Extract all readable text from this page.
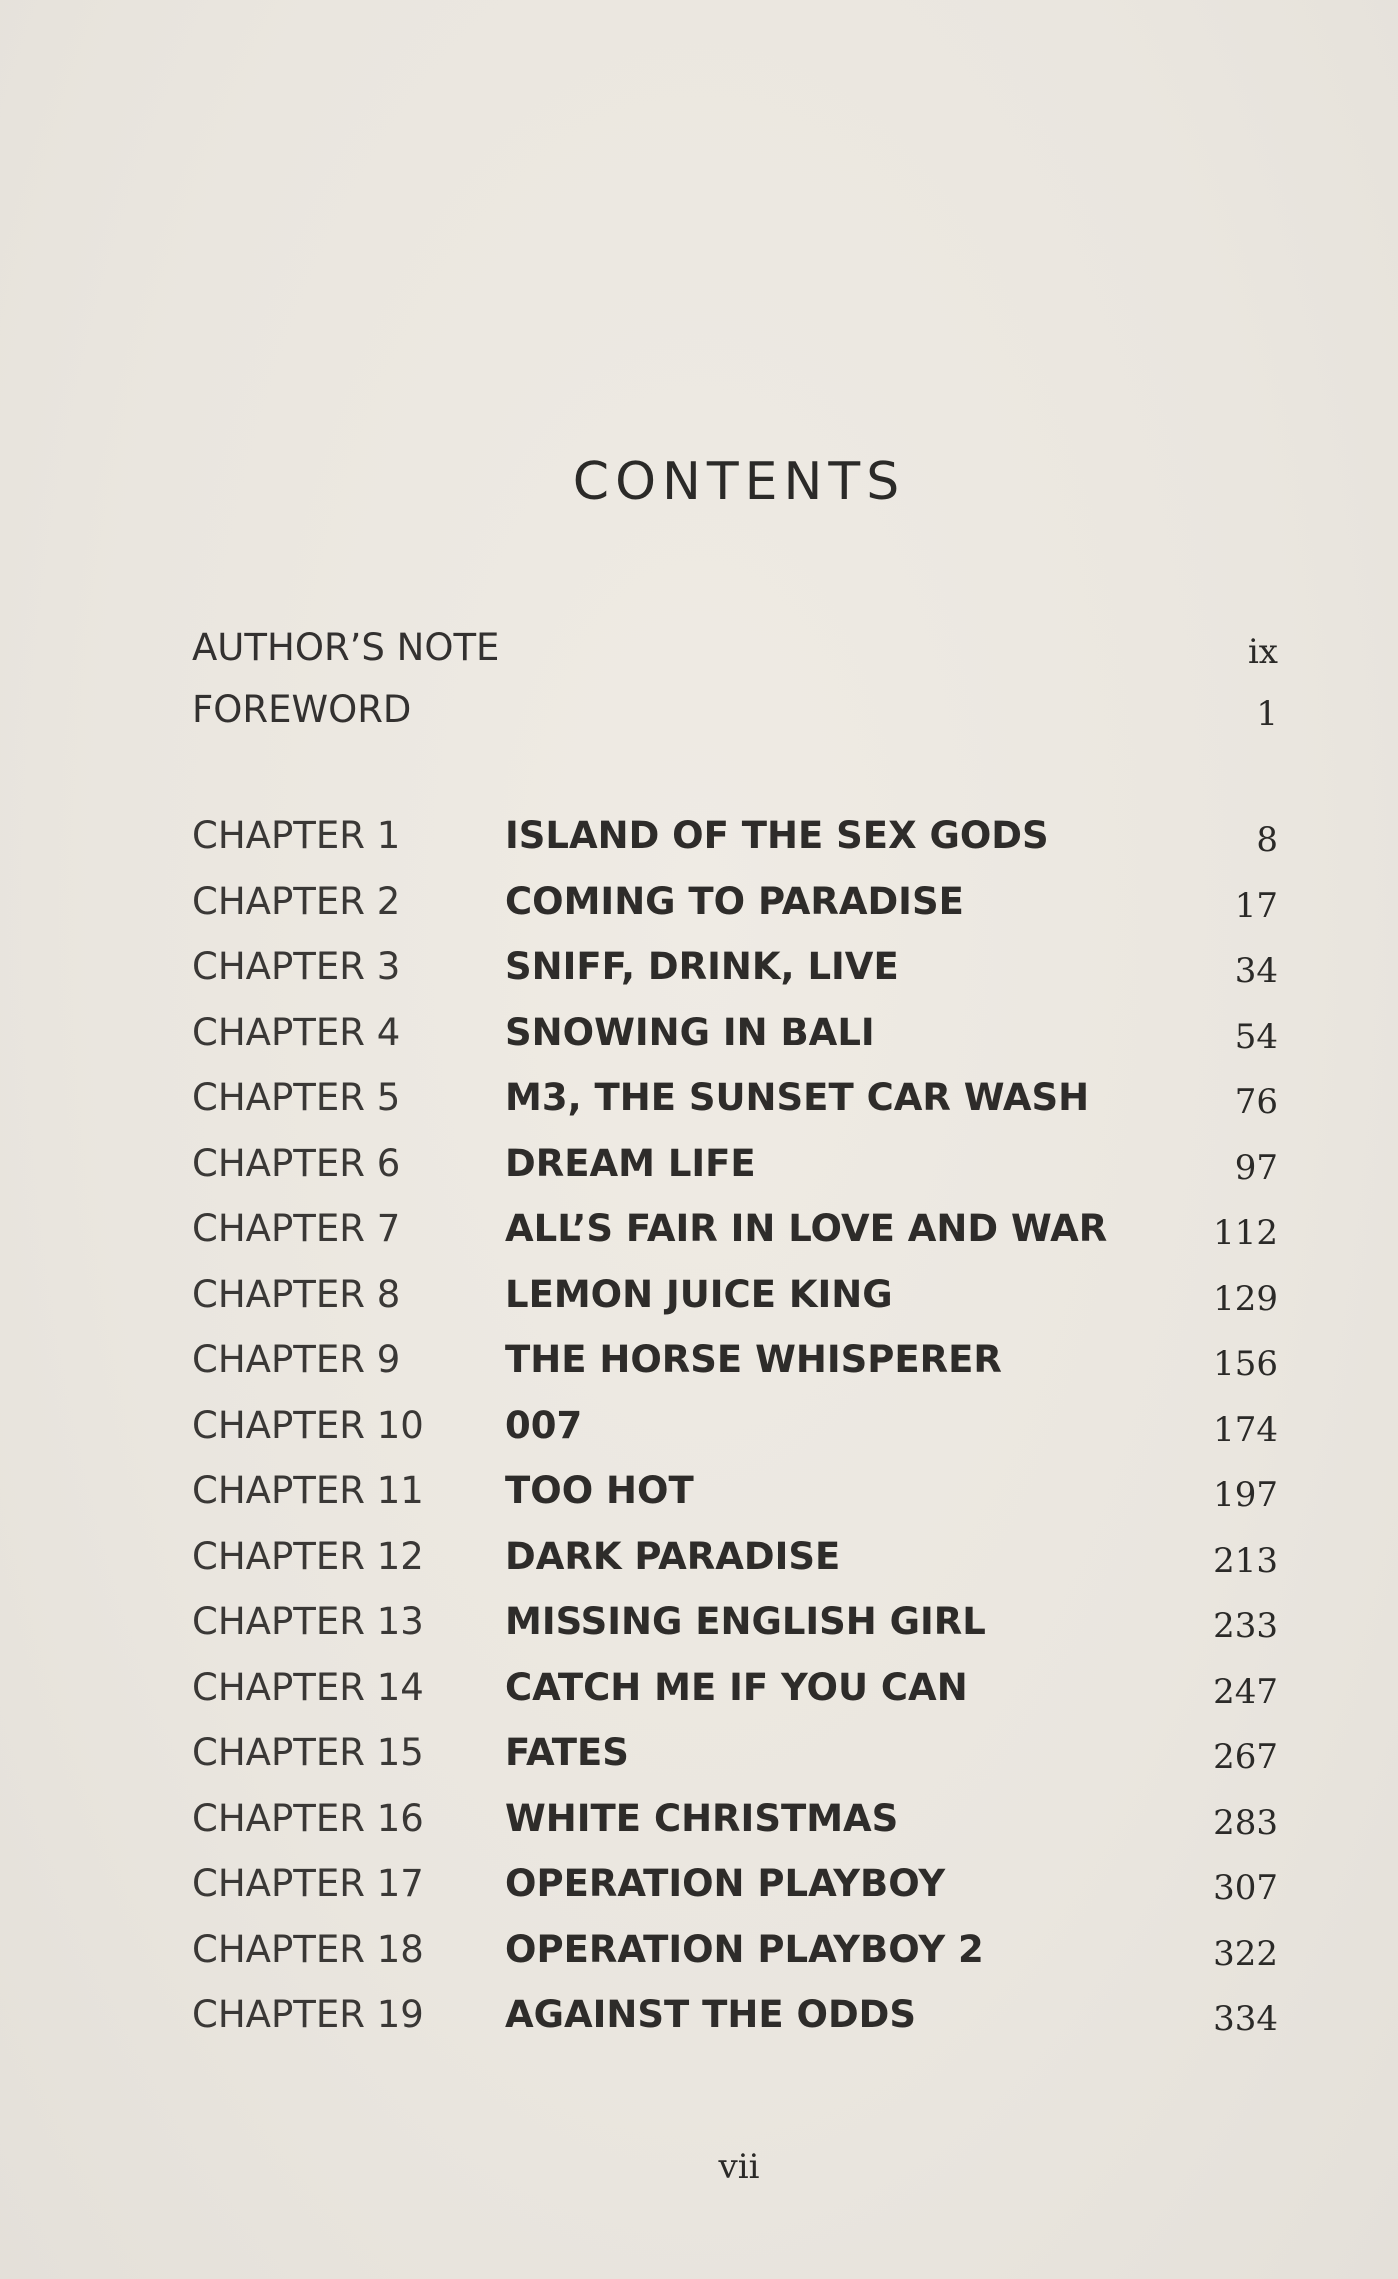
CONTENTS
AUTHOR’S NOTE	ix
FOREWORD	1
CHAPTER 1	ISLAND OF THE SEX GODS	8
CHAPTER 2	COMING TO PARADISE	17
CHAPTER 3	SNIFF, DRINK, LIVE	34
CHAPTER 4	SNOWING IN BALI	54
CHAPTER 5	M3, THE SUNSET CAR WASH	76
CHAPTER 6	DREAM LIFE	97
CHAPTER 7	ALL’S FAIR IN LOVE AND WAR	112
CHAPTER 8	LEMON JUICE KING	129
CHAPTER 9	THE HORSE WHISPERER	156
CHAPTER 10 007	174
CHAPTER 11 TOO HOT	197
CHAPTER 12 DARK PARADISE	213
CHAPTER 13 MISSING ENGLISH GIRL	233
CHAPTER 14 CATCH ME IF YOU CAN	247
CHAPTER 15 FATES	267
CHAPTER 16 WHITE CHRISTMAS	283
CHAPTER 17 OPERATION PLAYBOY	307
CHAPTER 18 OPERATION PLAYBOY 2	322
CHAPTER 19 AGAINST THE ODDS	334
vii
